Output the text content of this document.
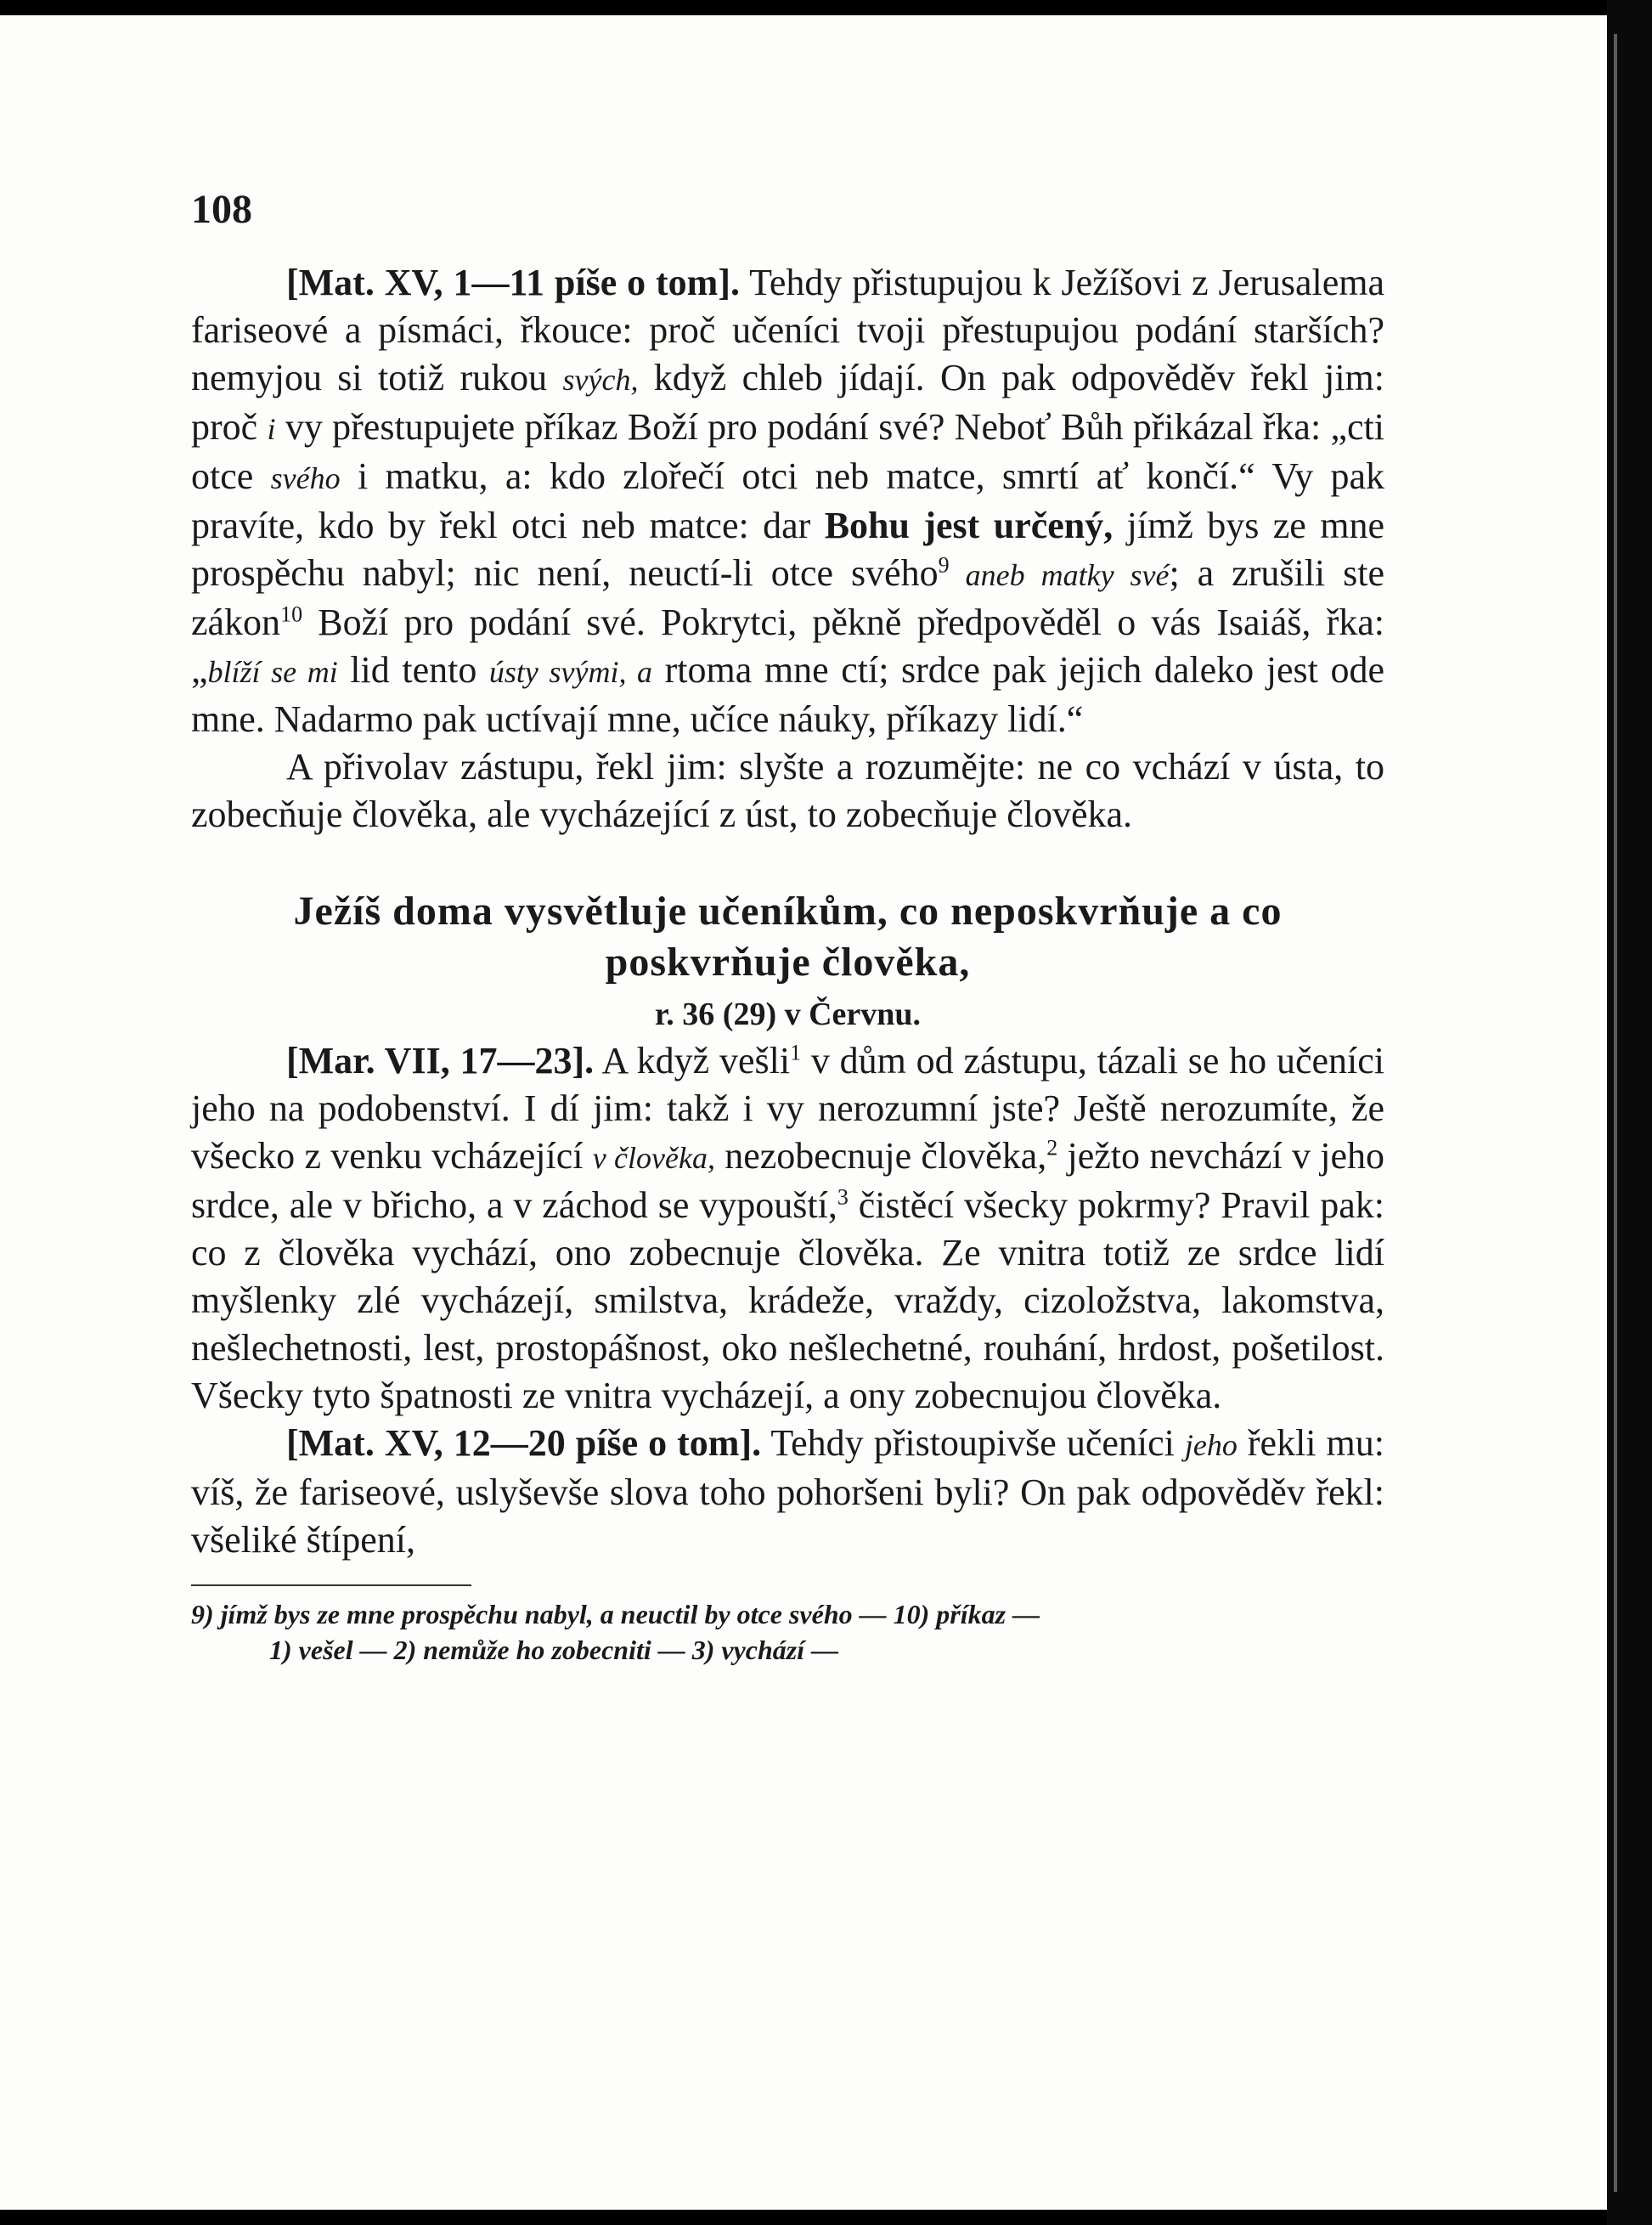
108

[Mat. XV, 1—11 píše o tom]. Tehdy přistupujou k Ježíšovi z Jerusalema fariseové a písmáci, řkouce: proč učeníci tvoji přestupujou podání starších? nemyjou si totiž rukou svých, když chleb jídají. On pak odpověděv řekl jim: proč i vy přestupujete příkaz Boží pro podání své? Neboť Bůh přikázal řka: „cti otce svého i matku, a: kdo zlořečí otci neb matce, smrtí ať končí.“ Vy pak pravíte, kdo by řekl otci neb matce: dar Bohu jest určený, jímž bys ze mne prospěchu nabyl; nic není, neuctí-li otce svého$^9$ aneb matky své; a zrušili ste zákon$^{10}$ Boží pro podání své. Pokrytci, pěkně předpověděl o vás Isaiáš, řka: „blíží se mi lid tento ústy svými, a rtoma mne ctí; srdce pak jejich daleko jest ode mne. Nadarmo pak uctívají mne, učíce náuky, příkazy lidí.“

A přivolav zástupu, řekl jim: slyšte a rozumějte: ne co vchází v ústa, to zobecňuje člověka, ale vycházející z úst, to zobecňuje člověka.

Ježíš doma vysvětluje učeníkům, co neposkvrňuje a co poskvrňuje člověka,
r. 36 (29) v Červnu.

[Mar. VII, 17—23]. A když vešli$^1$ v dům od zástupu, tázali se ho učeníci jeho na podobenství. I dí jim: takž i vy nerozumní jste? Ještě nerozumíte, že všecko z venku vcházející v člověka, nezobecnuje člověka,$^2$ ježto nevchází v jeho srdce, ale v břicho, a v záchod se vypouští,$^3$ čistěcí všecky pokrmy? Pravil pak: co z člověka vychází, ono zobecnuje člověka. Ze vnitra totiž ze srdce lidí myšlenky zlé vycházejí, smilstva, krádeže, vraždy, cizoložstva, lakomstva, nešlechetnosti, lest, prostopášnost, oko nešlechetné, rouhání, hrdost, pošetilost. Všecky tyto špatnosti ze vnitra vycházejí, a ony zobecnujou člověka.

[Mat. XV, 12—20 píše o tom]. Tehdy přistoupivše učeníci jeho řekli mu: víš, že fariseové, uslyševše slova toho pohoršeni byli? On pak odpověděv řekl: všeliké štípení,

9) jímž bys ze mne prospěchu nabyl, a neuctil by otce svého — 10) příkaz —

1) vešel — 2) nemůže ho zobecniti — 3) vychází —
